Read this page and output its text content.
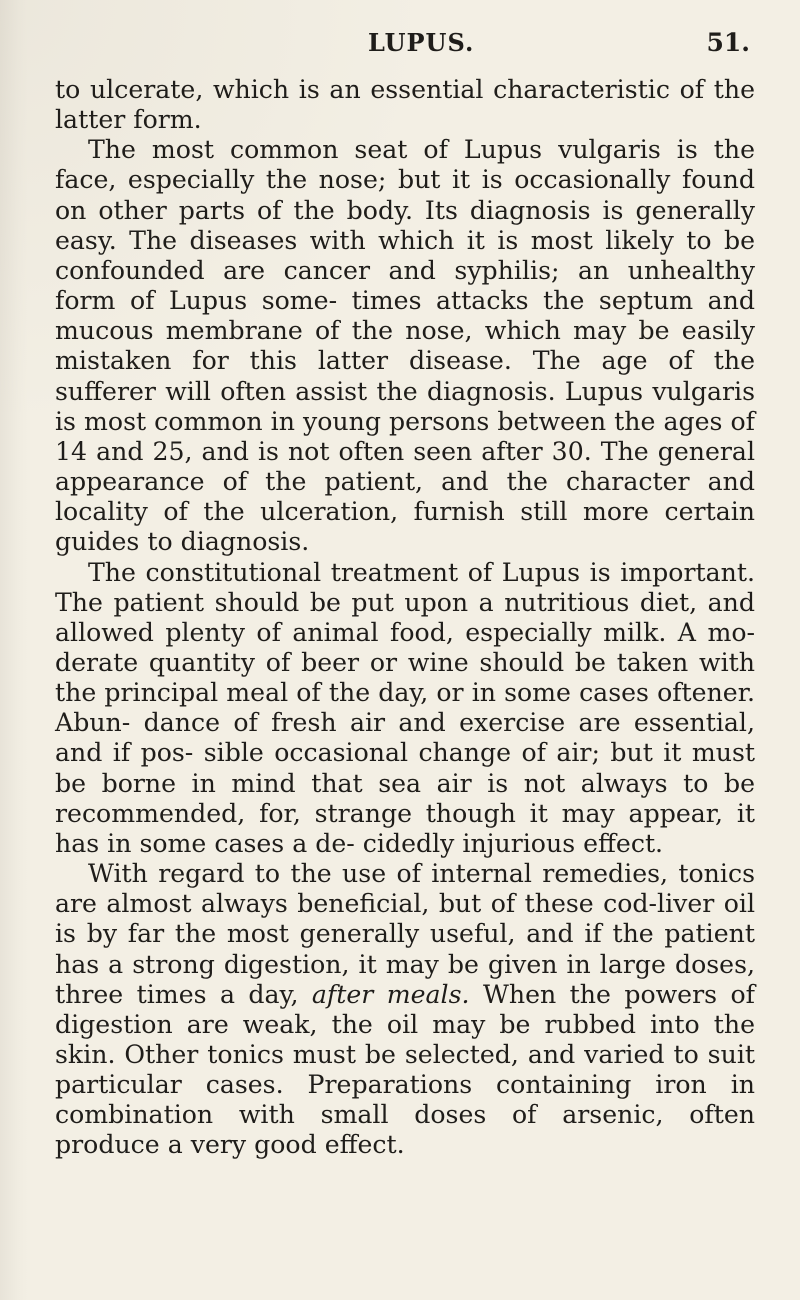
LUPUS.	51.

to ulcerate, which is an essential characteristic of the latter form.

The most common seat of Lupus vulgaris is the face, especially the nose; but it is occasionally found on other parts of the body. Its diagnosis is generally easy. The diseases with which it is most likely to be confounded are cancer and syphilis; an unhealthy form of Lupus some- times attacks the septum and mucous membrane of the nose, which may be easily mistaken for this latter disease. The age of the sufferer will often assist the diagnosis. Lupus vulgaris is most common in young persons between the ages of 14 and 25, and is not often seen after 30. The general appearance of the patient, and the character and locality of the ulceration, furnish still more certain guides to diagnosis.

The constitutional treatment of Lupus is important. The patient should be put upon a nutritious diet, and allowed plenty of animal food, especially milk. A mo- derate quantity of beer or wine should be taken with the principal meal of the day, or in some cases oftener. Abun- dance of fresh air and exercise are essential, and if pos- sible occasional change of air; but it must be borne in mind that sea air is not always to be recommended, for, strange though it may appear, it has in some cases a de- cidedly injurious effect.

With regard to the use of internal remedies, tonics are almost always beneficial, but of these cod-liver oil is by far the most generally useful, and if the patient has a strong digestion, it may be given in large doses, three times a day, after meals. When the powers of digestion are weak, the oil may be rubbed into the skin. Other tonics must be selected, and varied to suit particular cases. Preparations containing iron in combination with small doses of arsenic, often produce a very good effect.
